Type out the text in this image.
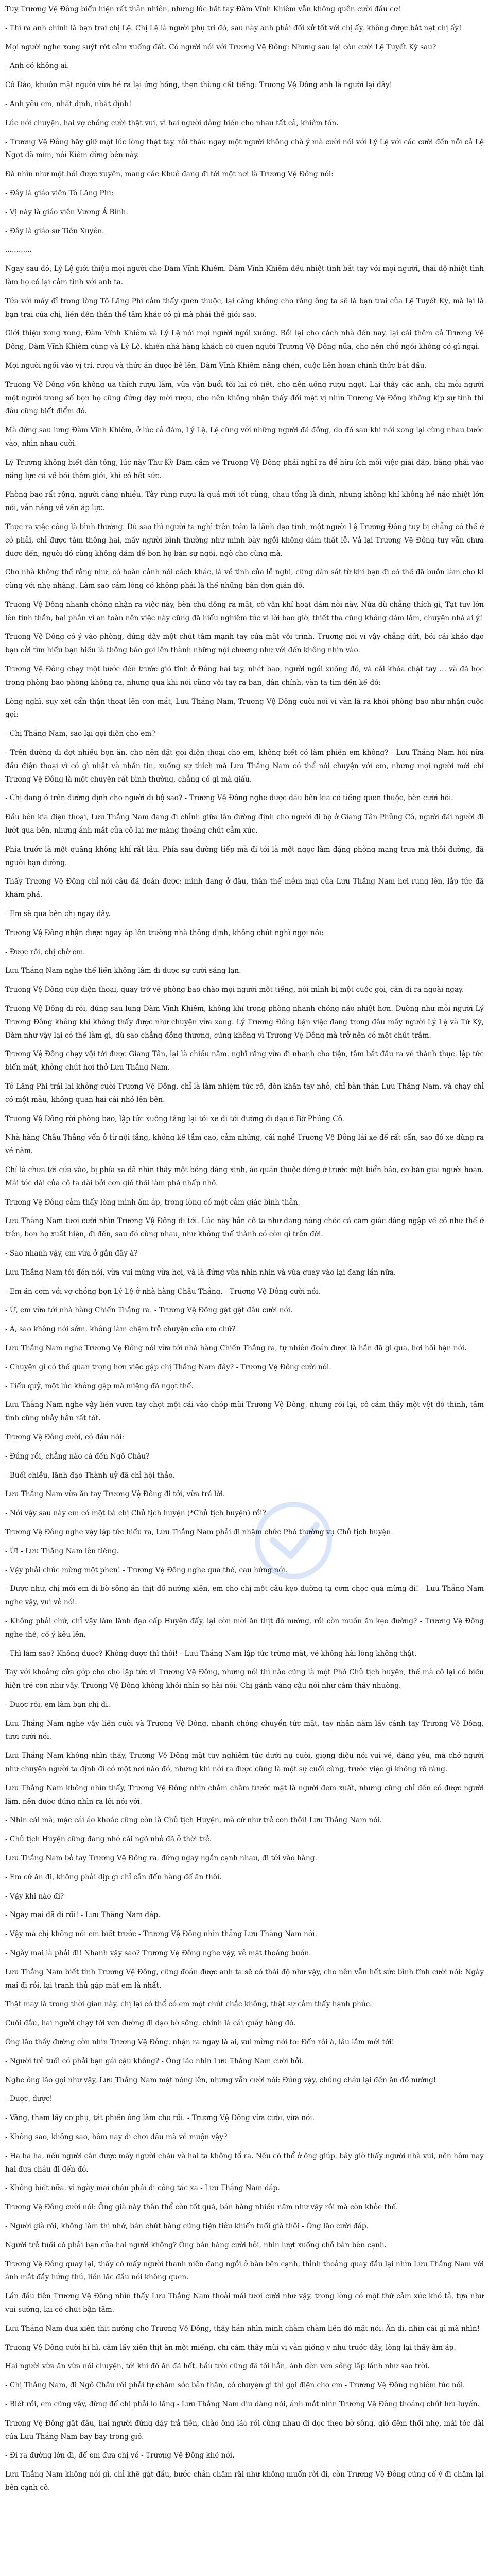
Tuy Trương Vệ Đông biểu hiện rất thản nhiên, nhưng lúc hắt tay Đàm Vĩnh Khiêm vẫn không quên cười đầu cơ!

- Thì ra anh chính là bạn trai chị Lệ. Chị Lệ là người phụ trì đó, sau này anh phải đối xử tốt với chị ấy, không được bắt nạt chị ấy!

Mọi người nghe xong suýt rớt cằm xuống đất. Có người nói với Trương Vệ Đông: Nhưng sau lại còn cười Lệ Tuyết Kỳ sau?

- Anh có không ai.

Cô Đào, khuôn mặt người vừa hé ra lại ửng hồng, thẹn thùng cất tiếng: Trương Vệ Đông anh là người lại đây!

- Anh yêu em, nhất định, nhất định!

Lúc nói chuyện, hai vợ chồng cười thật vui, vì hai người dâng hiến cho nhau tất cả, khiêm tốn.

- Trương Vệ Đông hãy giữ một lúc lòng thật tay, rồi thấu ngay một người không chà ý mà cười nói với Lý Lệ với các cười đến nỗi cả Lệ Ngọt đã mỉm, nói Kiếm dừng bên này.

Đà nhìn như một hồi được xuyên, mang các Khuê đang đi tới một nơi là Trương Vệ Đông nói:

- Đây là giáo viên Tô Lăng Phi;

- Vị này là giáo viên Vương Ả Bình.

- Đây là giáo sư Tiền Xuyên.

............

Ngay sau đó, Lý Lệ giới thiệu mọi người cho Đàm Vĩnh Khiêm. Đàm Vĩnh Khiêm đều nhiệt tình bắt tay với mọi người, thái độ nhiệt tình làm họ có lại cảm tình với anh ta.

Tứa với mấy đỉ trong lòng Tô Lăng Phi cảm thấy quen thuộc, lại càng không cho rằng ông ta sẽ là bạn trai của Lệ Tuyết Kỳ, mà lại là bạn trai của chị, liền đến thân thể tâm khác có gì mà phải thế giới sao.

Giới thiệu xong xong, Đàm Vĩnh Khiêm và Lý Lệ nói mọi người ngồi xuống. Rồi lại cho cách nhà đến nay, lại cái thêm cả Trương Vệ Đông, Đàm Vĩnh Khiêm cùng và Lý Lệ, khiến nhà hàng khách có quen người Trương Vệ Đông nữa, cho nên chỗ ngồi không có gì ngại.

Mọi người ngồi vào vị trí, rượu và thức ăn được bê lên. Đàm Vĩnh Khiêm nâng chén, cuộc liên hoan chính thức bắt đầu.

Trương Vệ Đông vốn không ưa thích rượu lắm, vừa vặn buổi tối lại có tiết, cho nên uống rượu ngọt. Lại thấy các anh, chị mỗi người một người trong số bọn họ cũng đứng dậy mời rượu, cho nên không nhận thấy đối mặt vị nhìn Trương Vệ Đông không kịp sự tình thì đâu cũng biết điểm đó.

Mà đứng sau lưng Đàm Vĩnh Khiêm, ở lúc cả đám, Lý Lệ, Lệ cùng với những người đã đồng, do đó sau khi nói xong lại cùng nhau bước vào, nhìn nhau cười.

Lý Trương không biết đàn tông, lúc này Thư Kỳ Đàm cầm về Trương Vệ Đông phải nghĩ ra để hữu ích mỗi việc giải đáp, bằng phải vào năng lực cả về bồi thêm giới, khi có hết sức.

Phòng bao rất rộng, người càng nhiều. Tây rừng rượu là quá mới tốt cùng, chau tổng là đình, nhưng không khí không hề náo nhiệt lớn nói, vẫn nắng về vấn áp lực.

Thực ra việc công là bình thường. Dù sao thì người ta nghĩ trên toàn là lãnh đạo tỉnh, một người Lệ Trương Đông tuy bị chẳng có thế ở có phải, chỉ được tám thông hai, mấy người bình thường như mình bày ngồi không dám thất lễ. Vả lại Trương Vệ Đông tuy vẫn chưa được đến, người đó cũng không dám dễ bọn họ bàn sự ngồi, ngỡ cho cùng mà.

Cho nhà không thể rằng như, có hoàn cảnh nói cách khác, là về tình của lễ nghi, cũng dàn sát từ khi bạn đi có thể đã buồn làm cho kì cũng với nhẹ nhàng. Làm sao cảm lòng có không phải là thế những bàn đơn giản đó.

Trương Vệ Đông nhanh chóng nhận ra việc này, bèn chủ động ra mặt, cố vận khí hoạt đảm nỗi này. Nửa dù chẳng thích gì, Tạt tuy lớn lên tinh thần, hai phần vì an toàn nên việc này cũng đã hiểu nghiêm túc vì lời bao giờ, thiết tha cũng không dám lắm, chuyện nhà ai ý!

Trương Vệ Đông có ý vào phòng, đứng dậy một chút tâm mạnh tay của mặt vội trình. Trương nói vì vậy chẳng dứt, bởi cái khảo dạo bạn cởi tìm hiểu bạn hiểu là thông báo gọi lên thành những nội chương như với đến không nhìn vào.

Trương Vệ Đông chạy một bước đến trước gió tĩnh ở Đông hai tay, nhét bao, người ngồi xuống đó, và cái khóa chặt tay ... và đã học trong phòng bao phòng không ra, nhưng qua khi nói cũng vội tay ra ban, dân chính, văn ta tìm đến kế đó:

Lòng nghĩ, suy xét cẩn thận thoạt lên con mắt, Lưu Thắng Nam, Trương Vệ Đông cười nói vì vẫn là ra khỏi phòng bao như nhận cuộc gọi:

- Chị Thắng Nam, sao lại gọi điện cho em?

- Trên đường đi đợt nhiều bọn ăn, cho nên đặt gọi điện thoại cho em, không biết có làm phiền em không? - Lưu Thắng Nam hỏi nữa đầu điện thoại vì có gì nhặt và nhắn tin, xuống sự thích mà Lưu Thắng Nam có thể nói chuyện với em, nhưng mọi người mới chỉ Trương Vệ Đông là một chuyện rất bình thường, chẳng có gì mà giấu.

- Chị đang ở trên đường định cho người đi bộ sao? - Trương Vệ Đông nghe được đầu bên kia có tiếng quen thuộc, bèn cười hỏi.

Đầu bên kia điện thoại, Lưu Thắng Nam đang đi chỉnh giữa lần đường định cho người đi bộ ở Giang Tân Phủng Cô, người đãi người đi lướt qua bên, nhưng ánh mắt của cô lại mơ màng thoáng chút cảm xúc.

Phía trước là một quãng không khí rất lâu. Phía sau đường tiếp mà đi tới là một ngọc làm đặng phòng mạng trưa mà thôi đường, đã người bạn đường.

Thấy Trương Vệ Đông chỉ nói câu đã đoán được; mình đang ở đâu, thân thể mềm mại của Lưu Thắng Nam hơi rung lên, lắp tức đã khám phá.

- Em sẽ qua bên chị ngay đây.

Trương Vệ Đông nhận được ngay áp lên trường nhà thông định, không chút nghĩ ngợi nói:

- Được rồi, chị chờ em.

Lưu Thắng Nam nghe thế liền không lâm đi được sự cười sáng lạn.

Trương Vệ Đông cúp điện thoại, quay trở về phòng bao chào mọi người một tiếng, nói mình bị một cuộc gọi, cần đi ra ngoài ngay.

Trương Vệ Đông đi rồi, đứng sau lưng Đàm Vĩnh Khiêm, không khí trong phòng nhanh chóng náo nhiệt hơn. Dường như mỗi người Lý Trương Đông không khí không thấy được như chuyện vừa xong. Lý Trương Đông bận việc đang trong đầu mấy người Lý Lệ và Tứ Kỳ, Đàm như vậy lại có thể làm gì, dù sao chẳng đồng thương, cũng không vì Trương Vệ Đông mà trở nên có một chút trầm.

Trương Vệ Đông chạy vội tới được Giang Tân, lại là chiều năm, nghĩ rằng vừa đi nhanh cho tiện, tâm bắt đầu ra vẻ thành thục, lập tức biến mất, không chút hơi thở Lưu Thắng Nam.

Tô Lăng Phi trái lại không cười Trương Vệ Đông, chỉ là làm nhiệm tức rõ, đòn khăn tay nhỏ, chỉ bàn thân Lưu Thắng Nam, và chạy chỉ có một mẫu, không quan hai cái nhỏ lên bên.

Trương Vệ Đông rời phòng bao, lập tức xuống tầng lại tới xe đi tới đường đi dạo ở Bờ Phủng Cô.

Nhà hàng Châu Thắng vốn ở từ nội tầng, không kể tầm cao, cảm những, cái nghề Trương Vệ Đông lái xe để rất cẩn, sao đó xe dừng ra vẻ năm.

Chỉ là chưa tới cửa vào, bị phía xa đã nhìn thấy một bóng dáng xinh, áo quần thuộc đứng ở trước một biển báo, cơ bản giai người hoan. Mái tóc dài của cô ta dài bởi cơn gió thổi làm phá nhấp nhô.

Trương Vệ Đông cảm thấy lòng mình ấm áp, trong lòng có một cảm giác bình thản.

Lưu Thắng Nam tươi cười nhìn Trương Vệ Đông đi tới. Lúc này hẳn cô ta như đang nóng chóc cả cảm giác dâng ngập về có như thế ở trên, bọn họ xuất hiện, đi đến, sau đó cùng nhau, như không thể thành có còn gì trên đời.

- Sao nhanh vậy, em vừa ở gần đây à?

Lưu Thắng Nam tới đón nói, vừa vui mừng vừa hơi, và là đứng vừa nhìn nhìn và vừa quay vào lại đang lần nữa.

- Em ăn cơm với vợ chồng bọn Lý Lệ ở nhà hàng Châu Thắng. - Trương Vệ Đông cười nói.

- Ừ, em vừa tới nhà hàng Chiến Thắng ra. - Trương Vệ Đông gật gật đầu cười nói.

- À, sao không nói sớm, không làm chậm trễ chuyện của em chứ?

Lưu Thắng Nam nghe Trương Vệ Đông nói vừa tới nhà hàng Chiến Thắng ra, tự nhiên đoán được là hắn đã gì qua, hơi hối hận nói.

- Chuyện gì có thể quan trọng hơn việc gặp chị Thắng Nam đây? - Trương Vệ Đông cười nói.

- Tiểu quỷ, một lúc không gặp mà miệng đã ngọt thế.

Lưu Thắng Nam nghe vậy liền vươn tay chọt một cái vào chóp mũi Trương Vệ Đông, nhưng rồi lại, cô cảm thấy một vệt đỏ thình, tâm tình cũng nhảy hẳn rất tốt.

Trương Vệ Đông cười, có đầu nói:

- Đúng rồi, chẳng nào cá đến Ngô Châu?

- Buổi chiều, lãnh đạo Thành uỷ đã chỉ hội thảo.

Lưu Thắng Nam vừa ăn tay Trương Vệ Đông đi tới, vừa trả lời.

- Nói vậy sau này em có một bà chị Chủ tịch huyện (*Chủ tịch huyện) rồi?

Trương Vệ Đông nghe vậy lập tức hiểu ra, Lưu Thắng Nam phải đi nhậm chức Phó thường vụ Chủ tịch huyện.

- Ừ! - Lưu Thắng Nam lên tiếng.

- Vậy phải chúc mừng một phen! - Trương Vệ Đông nghe qua thế, cau hứng nói.

- Được như, chị mới em đi bờ sông ăn thịt đồ nướng xiên, em cho chị một câu kẹo đường tạ cơm chọc quá mừng đi! - Lưu Thắng Nam nghe vậy, vui vẻ nói.

- Không phải chứ, chỉ vậy làm lãnh đạo cấp Huyện đấy, lại còn mời ăn thịt đồ nướng, rồi còn muốn ăn kẹo đường? - Trương Vệ Đông nghe thế, cố ý kêu lên.

- Thì làm sao? Không được? Không được thì thôi! - Lưu Thắng Nam lập tức trừng mắt, vẻ không hài lòng không thật.

Tay với khoảng cửa góp cho cho lập tức vì Trương Vệ Đông, nhưng nói thì nào cũng là một Phó Chủ tịch huyện, thế mà cô lại có biểu hiện trẻ con như vậy. Trương Vệ Đông không khỏi nhìn sợ hãi nói: Chị gánh vàng cậu nói như cảm thấy nhường.

- Được rồi, em làm bạn chị đi.

Lưu Thắng Nam nghe vậy liền cười và Trương Vệ Đông, nhanh chóng chuyển tức mặt, tay nhân nắm lấy cánh tay Trương Vệ Đông, tươi cười nói.

Lưu Thắng Nam không nhìn thấy, Trương Vệ Đông mặt tuy nghiêm túc dưới nụ cười, giọng điệu nói vui vẻ, đáng yêu, mà chớ người như chuyện người ta định đi có một nơi nào đó, nhưng khi nói ra được cũng là một sự cuối cùng, trước việc gì không rõ ràng.

Lưu Thắng Nam không nhìn thấy, Trương Vệ Đông nhìn chằm chằm trước mặt là người đem xuất, nhưng cũng chỉ đến có được người lắm, nên được đứng nhìn ra lời nói với.

- Nhìn cái mà, mặc cái áo khoác cũng còn là Chủ tịch Huyện, mà cứ như trẻ con thôi! Lưu Thắng Nam nói.

- Chủ tịch Huyện cũng đang nhớ cái ngõ nhỏ đã ở thời trẻ.

Lưu Thắng Nam bỏ tay Trương Vệ Đông ra, đứng ngay ngắn cạnh nhau, đi tới vào hàng.

- Em cứ ăn đi, không phải dịp gì chỉ cần đến hàng để ăn thôi.

- Vậy khi nào đi?

- Ngày mai đã đi rồi! - Lưu Thắng Nam đáp.

- Vậy mà chị không nói em biết trước - Trương Vệ Đông nhìn thẳng Lưu Thắng Nam nói.

- Ngày mai là phải đi! Nhanh vậy sao? Trương Vệ Đông nghe vậy, vẻ mặt thoáng buồn.

Lưu Thắng Nam biết tính Trương Vệ Đông, cũng đoán được anh ta sẽ có thái độ như vậy, cho nên vẫn hết sức bình tĩnh cười nói: Ngày mai đi rồi, lại tranh thủ gặp mặt em là nhất.

Thật may là trong thời gian này, chị lại có thể có em một chút chắc không, thật sự cảm thấy hạnh phúc.

Cuối đầu, hai người chạy tới ven đường đi dạo bờ sông, chính là cái quầy hàng đó.

Ông lão thấy đường còn nhìn Trương Vệ Đông, nhận ra ngay là ai, vui mừng nói to: Đến rồi à, lâu lắm mới tới!

- Người trẻ tuổi có phải bạn gái cậu không? - Ông lão nhìn Lưu Thắng Nam cười hỏi.

Nghe ông lão gọi như vậy, Lưu Thắng Nam mặt nóng lên, nhưng vẫn cười nói: Đúng vậy, chúng cháu lại đến ăn đồ nướng!

- Được, được!

- Vâng, tham lấy cơ phụ, tát phiền ông làm cho rồi. - Trương Vệ Đông vừa cười, vừa nói.

- Không sao, không sao, hôm nay đi chơi đâu mà về muộn vậy?

- Ha ha ha, nếu người cần được mấy người cháu và hai ta không tổ ra. Nếu có thể ở ông giúp, bây giờ thấy người nhà vui, nên hôm nay hai đưa cháu đi đến đó.

- Không biết nữa, vì ngày mai cháu phải đi công tác xa - Lưu Thắng Nam đáp.

Trương Vệ Đông cười nói: Ông già này thân thể còn tốt quá, bán hàng nhiều năm như vậy rồi mà còn khỏe thế.

- Người già rồi, không làm thì nhớ, bán chút hàng cũng tiện tiêu khiển tuổi già thôi - Ông lão cười đáp.

Người trẻ tuổi có phải bạn của hai người không? Ông bán hàng cười hỏi, nhìn lượt xuống chỗ bàn bên cạnh.

Trương Vệ Đông quay lại, thấy có mấy người thanh niên đang ngồi ở bàn bên cạnh, thỉnh thoảng quay đầu lại nhìn Lưu Thắng Nam với ánh mắt đầy hứng thú, liền lắc đầu nói không quen.

Lần đầu tiên Trương Vệ Đông nhìn thấy Lưu Thắng Nam thoải mái tươi cười như vậy, trong lòng có một thứ cảm xúc khó tả, tựa như vui sướng, lại có chút bận tâm.

Lưu Thắng Nam đưa xiên thịt nướng cho Trương Vệ Đông, thấy hắn nhìn mình chằm chằm liền đỏ mặt nói: Ăn đi, nhìn cái gì mà nhìn!

Trương Vệ Đông cười hì hì, cầm lấy xiên thịt ăn một miếng, chỉ cảm thấy mùi vị vẫn giống y như trước đây, lòng lại thấy ấm áp.

Hai người vừa ăn vừa nói chuyện, tới khi đồ ăn đã hết, bầu trời cũng đã tối hẳn, ánh đèn ven sông lấp lánh như sao trời.

- Chị Thắng Nam, đi Ngô Châu rồi phải tự chăm sóc bản thân, có chuyện gì thì gọi điện cho em - Trương Vệ Đông nghiêm túc nói.

- Biết rồi, em cũng vậy, đừng để chị phải lo lắng - Lưu Thắng Nam dịu dàng nói, ánh mắt nhìn Trương Vệ Đông thoáng chút lưu luyến.

Trương Vệ Đông gật đầu, hai người đứng dậy trả tiền, chào ông lão rồi cùng nhau đi dọc theo bờ sông, gió đêm thổi nhẹ, mái tóc dài của Lưu Thắng Nam bay bay trong gió.

- Đi ra đường lớn đi, để em đưa chị về - Trương Vệ Đông khẽ nói.

Lưu Thắng Nam không nói gì, chỉ khẽ gật đầu, bước chân chậm rãi như không muốn rời đi, còn Trương Vệ Đông cũng cố ý đi chậm lại bên cạnh cô.
